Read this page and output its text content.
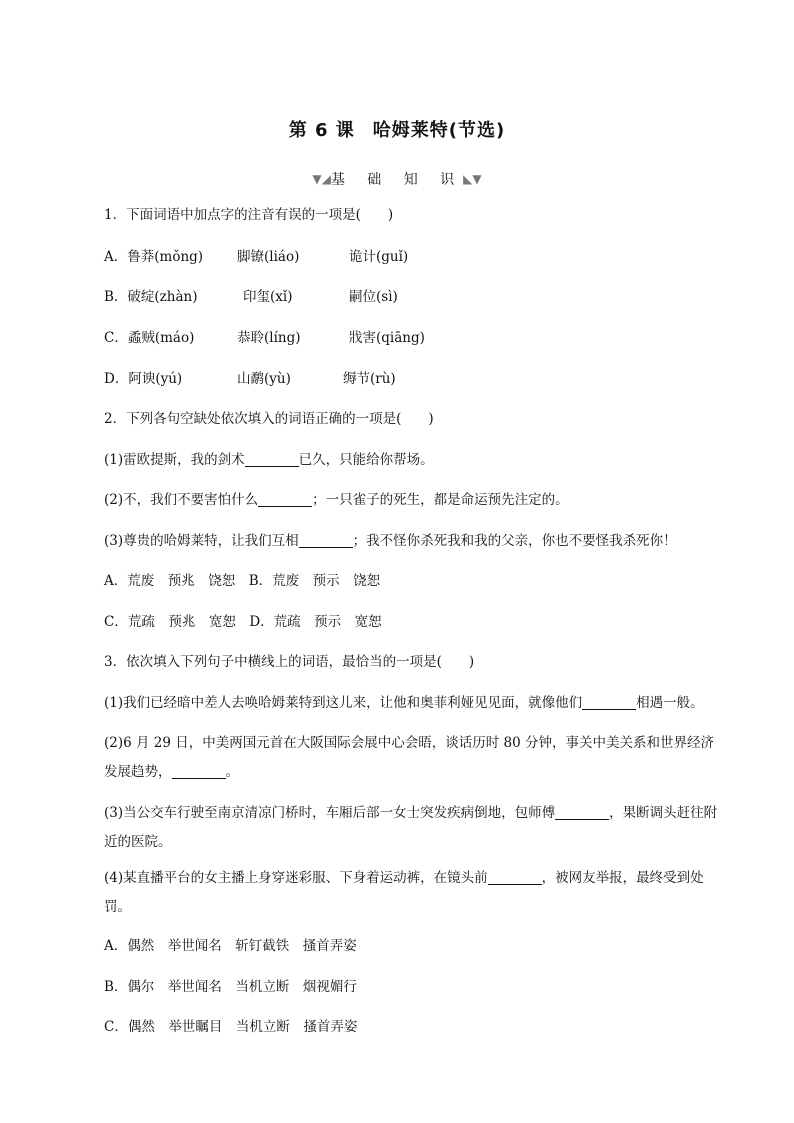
第 6 课 哈姆莱特(节选)
▼◢基 础 知 识◣▼
1．下面词语中加点字的注音有误的一项是(　　)
A．鲁莽(mǒng)	脚镣(liáo)	诡计(guǐ)
B．破绽(zhàn)	印玺(xǐ)	嗣位(sì)
C．蟊贼(máo)	恭聆(líng)	戕害(qiāng)
D．阿谀(yú)	山鹬(yù)	缛节(rù)
2．下列各句空缺处依次填入的词语正确的一项是(　　)
(1)雷欧提斯，我的剑术	已久，只能给你帮场。
(2)不，我们不要害怕什么	；一只雀子的死生，都是命运预先注定的。
(3)尊贵的哈姆莱特，让我们互相	；我不怪你杀死我和我的父亲，你也不要怪我杀死你！
A．荒废　预兆　饶恕　B．荒废　预示　饶恕
C．荒疏　预兆　宽恕　D．荒疏　预示　宽恕
3．依次填入下列句子中横线上的词语，最恰当的一项是(　　)
(1)我们已经暗中差人去唤哈姆莱特到这儿来，让他和奥菲利娅见见面，就像他们	相遇一般。
(2)6 月 29 日，中美两国元首在大阪国际会展中心会晤，谈话历时 80 分钟，事关中美关系和世界经济发展趋势，	。
(3)当公交车行驶至南京清凉门桥时，车厢后部一女士突发疾病倒地，包师傅	，果断调头赶往附近的医院。
(4)某直播平台的女主播上身穿迷彩服、下身着运动裤，在镜头前	，被网友举报，最终受到处罚。
A．偶然　举世闻名　斩钉截铁　搔首弄姿
B．偶尔　举世闻名　当机立断　烟视媚行
C．偶然　举世瞩目　当机立断　搔首弄姿
